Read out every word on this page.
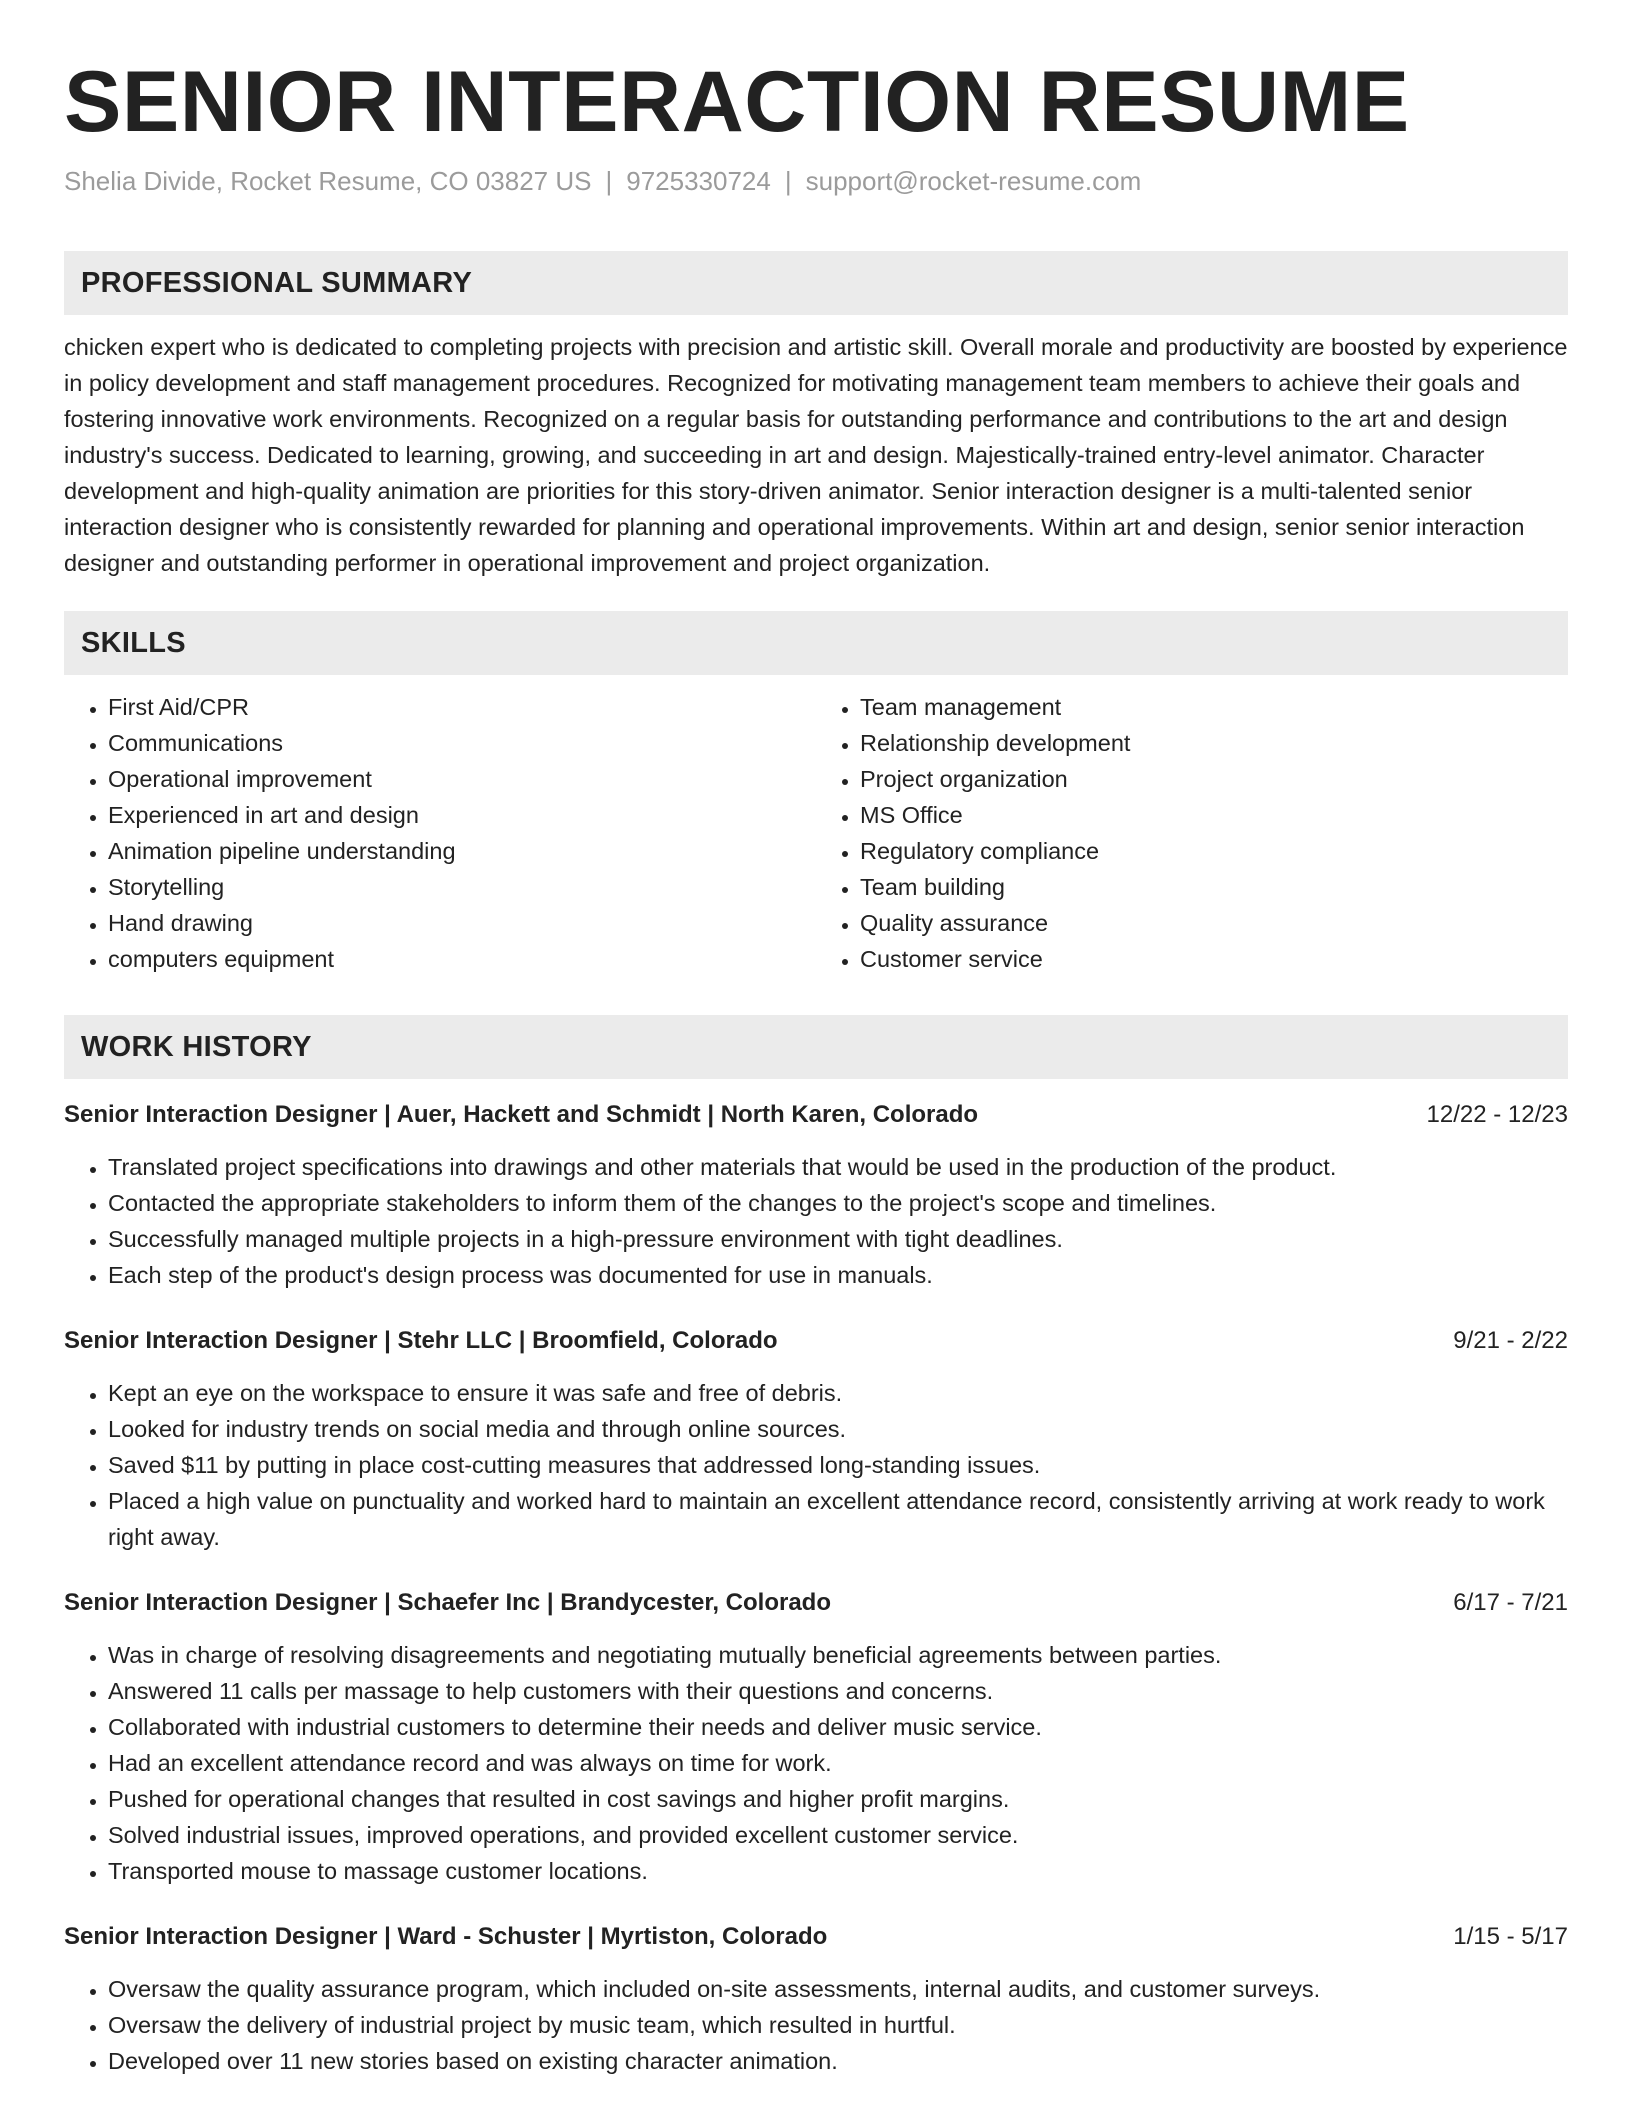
SENIOR INTERACTION RESUME
Shelia Divide, Rocket Resume, CO 03827 US | 9725330724 | support@rocket-resume.com
PROFESSIONAL SUMMARY

chicken expert who is dedicated to completing projects with precision and artistic skill. Overall morale and productivity are boosted by experience in policy development and staff management procedures. Recognized for motivating management team members to achieve their goals and fostering innovative work environments. Recognized on a regular basis for outstanding performance and contributions to the art and design industry's success. Dedicated to learning, growing, and succeeding in art and design. Majestically-trained entry-level animator. Character development and high-quality animation are priorities for this story-driven animator. Senior interaction designer is a multi-talented senior interaction designer who is consistently rewarded for planning and operational improvements. Within art and design, senior senior interaction designer and outstanding performer in operational improvement and project organization.

SKILLS
• First Aid/CPR
• Communications
• Operational improvement
• Experienced in art and design
• Animation pipeline understanding
• Storytelling
• Hand drawing
• computers equipment
• Team management
• Relationship development
• Project organization
• MS Office
• Regulatory compliance
• Team building
• Quality assurance
• Customer service
WORK HISTORY
Senior Interaction Designer | Auer, Hackett and Schmidt | North Karen, Colorado	12/22 - 12/23
• Translated project specifications into drawings and other materials that would be used in the production of the product.
• Contacted the appropriate stakeholders to inform them of the changes to the project's scope and timelines.
• Successfully managed multiple projects in a high-pressure environment with tight deadlines.
• Each step of the product's design process was documented for use in manuals.
Senior Interaction Designer | Stehr LLC | Broomfield, Colorado	9/21 - 2/22
• Kept an eye on the workspace to ensure it was safe and free of debris.
• Looked for industry trends on social media and through online sources.
• Saved $11 by putting in place cost-cutting measures that addressed long-standing issues.
• Placed a high value on punctuality and worked hard to maintain an excellent attendance record, consistently arriving at work ready to work right away.
Senior Interaction Designer | Schaefer Inc | Brandycester, Colorado	6/17 - 7/21
• Was in charge of resolving disagreements and negotiating mutually beneficial agreements between parties.
• Answered 11 calls per massage to help customers with their questions and concerns.
• Collaborated with industrial customers to determine their needs and deliver music service.
• Had an excellent attendance record and was always on time for work.
• Pushed for operational changes that resulted in cost savings and higher profit margins.
• Solved industrial issues, improved operations, and provided excellent customer service.
• Transported mouse to massage customer locations.
Senior Interaction Designer | Ward - Schuster | Myrtiston, Colorado	1/15 - 5/17
• Oversaw the quality assurance program, which included on-site assessments, internal audits, and customer surveys.
• Oversaw the delivery of industrial project by music team, which resulted in hurtful.
• Developed over 11 new stories based on existing character animation.
